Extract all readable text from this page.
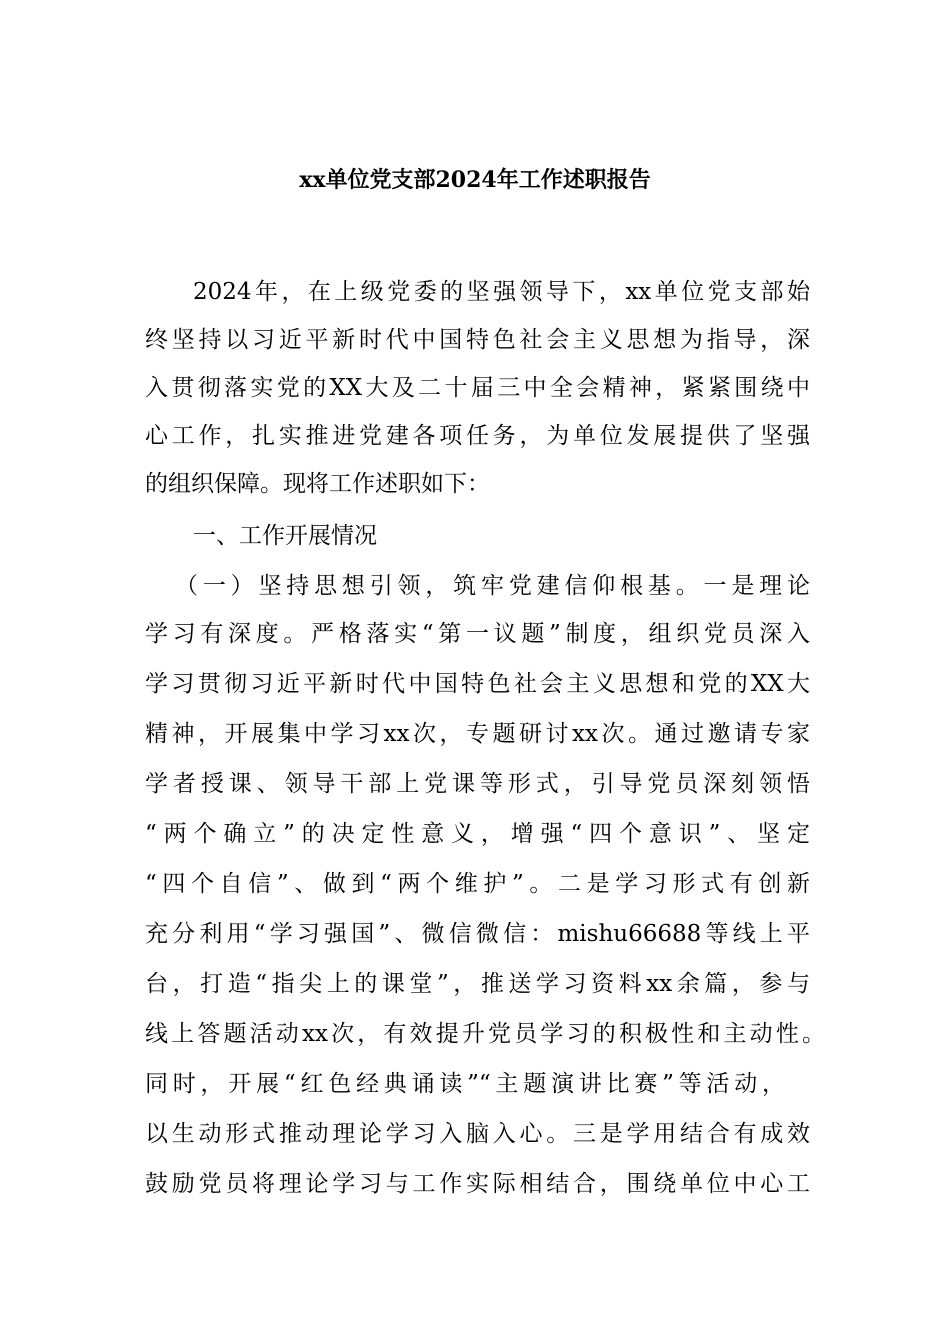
xx单位党支部2024年工作述职报告
2024年，在上级党委的坚强领导下，xx单位党支部始
终坚持以习近平新时代中国特色社会主义思想为指导，深
入贯彻落实党的XX大及二十届三中全会精神，紧紧围绕中
心工作，扎实推进党建各项任务，为单位发展提供了坚强
的组织保障。现将工作述职如下：
一、工作开展情况
（一）坚持思想引领，筑牢党建信仰根基。一是理论
学习有深度。严格落实“第一议题”制度，组织党员深入
学习贯彻习近平新时代中国特色社会主义思想和党的XX大
精神，开展集中学习xx次，专题研讨xx次。通过邀请专家
学者授课、领导干部上党课等形式，引导党员深刻领悟
“两个确立”的决定性意义，增强“四个意识”、坚定
“四个自信”、做到“两个维护”。二是学习形式有创新
充分利用“学习强国”、微信微信：mishu66688等线上平
台，打造“指尖上的课堂”，推送学习资料xx余篇，参与
线上答题活动xx次，有效提升党员学习的积极性和主动性。
同时，开展“红色经典诵读”“主题演讲比赛”等活动，
以生动形式推动理论学习入脑入心。三是学用结合有成效
鼓励党员将理论学习与工作实际相结合，围绕单位中心工
